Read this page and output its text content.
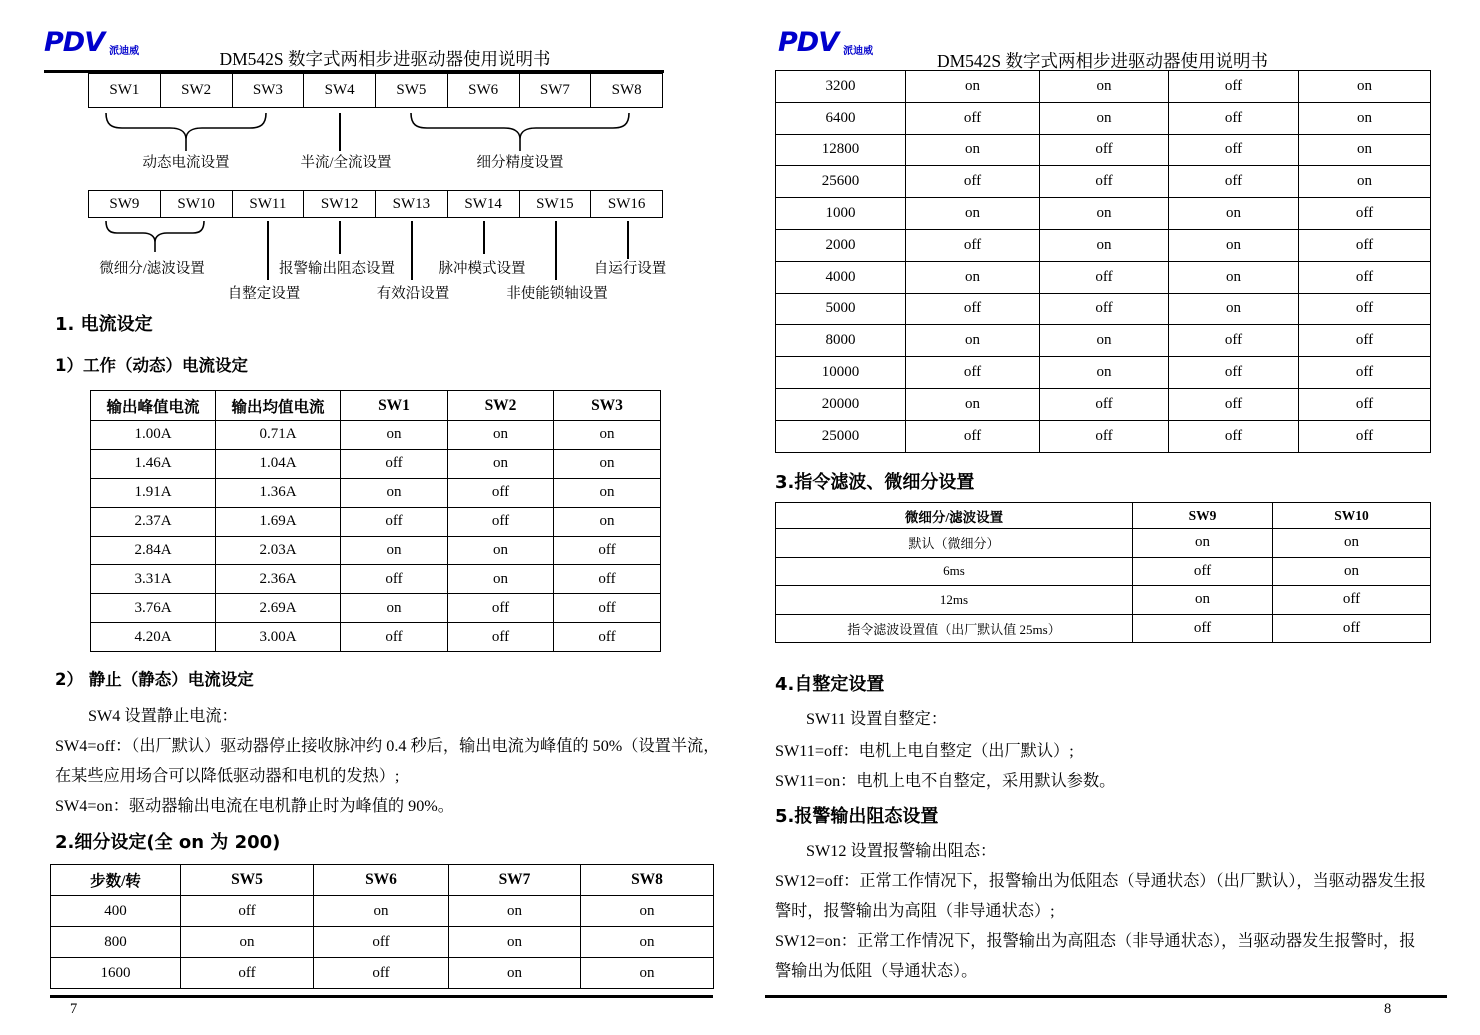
PDV 派迪威	DM542S 数字式两相步进驱动器使用说明书
SW1	SW2	SW3	SW4	SW5	SW6	SW7	SW8
动态电流设置	半流/全流设置	细分精度设置
SW9	SW10	SW11	SW12	SW13	SW14	SW15	SW16
微细分/滤波设置	报警输出阻态设置	脉冲模式设置	自运行设置
自整定设置	有效沿设置	非使能锁轴设置
1. 电流设定
1）工作（动态）电流设定
输出峰值电流	输出均值电流	SW1	SW2	SW3
1.00A	0.71A	on	on	on
1.46A	1.04A	off	on	on
1.91A	1.36A	on	off	on
2.37A	1.69A	off	off	on
2.84A	2.03A	on	on	off
3.31A	2.36A	off	on	off
3.76A	2.69A	on	off	off
4.20A	3.00A	off	off	off
2） 静止（静态）电流设定
SW4 设置静止电流：
SW4=off：（出厂默认）驱动器停止接收脉冲约 0.4 秒后，输出电流为峰值的 50%（设置半流，
在某些应用场合可以降低驱动器和电机的发热）;
SW4=on：驱动器输出电流在电机静止时为峰值的 90%。
2.细分设定(全 on 为 200)
步数/转	SW5	SW6	SW7	SW8
400	off	on	on	on
800	on	off	on	on
1600	off	off	on	on
7
PDV 派迪威	DM542S 数字式两相步进驱动器使用说明书
3200	on	on	off	on
6400	off	on	off	on
12800	on	off	off	on
25600	off	off	off	on
1000	on	on	on	off
2000	off	on	on	off
4000	on	off	on	off
5000	off	off	on	off
8000	on	on	off	off
10000	off	on	off	off
20000	on	off	off	off
25000	off	off	off	off
3.指令滤波、微细分设置
微细分/滤波设置	SW9	SW10
默认（微细分）	on	on
6ms	off	on
12ms	on	off
指令滤波设置值（出厂默认值 25ms）	off	off
4.自整定设置
SW11 设置自整定：
SW11=off：电机上电自整定（出厂默认）;
SW11=on：电机上电不自整定，采用默认参数。
5.报警输出阻态设置
SW12 设置报警输出阻态：
SW12=off：正常工作情况下，报警输出为低阻态（导通状态）（出厂默认），当驱动器发生报
警时，报警输出为高阻（非导通状态）;
SW12=on：正常工作情况下，报警输出为高阻态（非导通状态），当驱动器发生报警时，报
警输出为低阻（导通状态）。
8
